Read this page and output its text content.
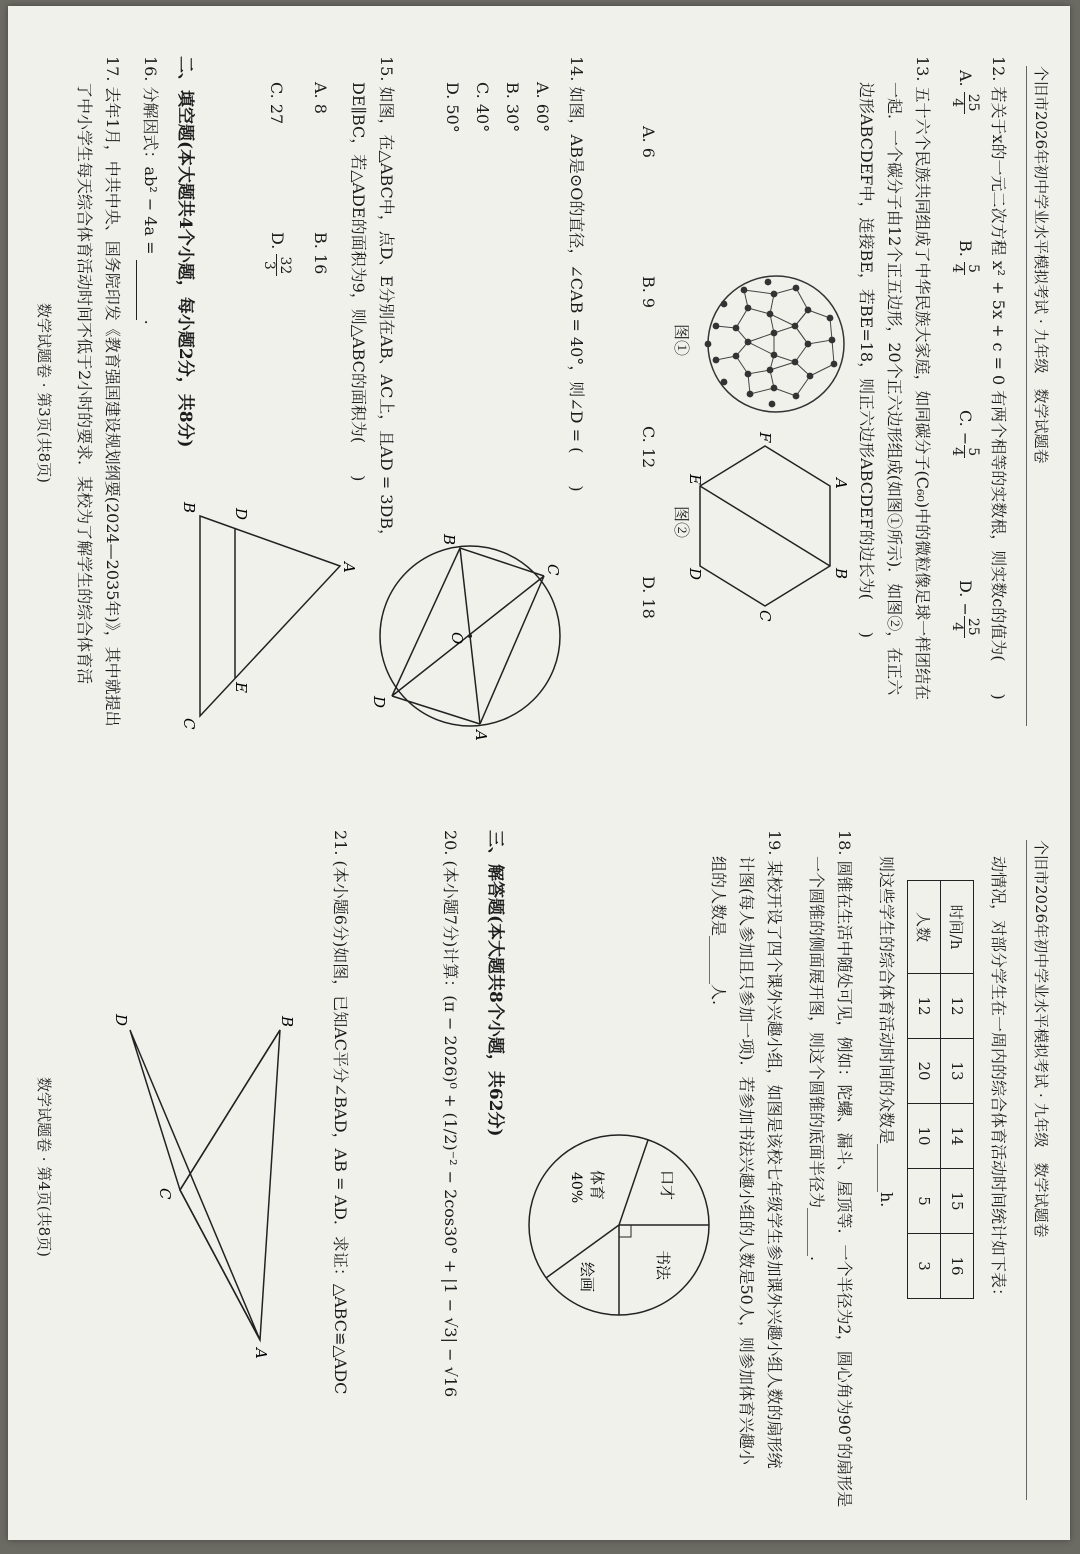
个旧市2026年初中学业水平模拟考试 · 九年级　数学试题卷
12. 若关于x的一元二次方程 x² + 5x + c = 0 有两个相等的实数根，则实数c的值为(　　)
A.
25
4
B.
5
4
C. −
5
4
D. −
25
4
13. 五十六个民族共同组成了中华民族大家庭，如同碳分子(C₆₀)中的微粒像足球一样团结在
一起．一个碳分子由12个正五边形，20个正六边形组成(如图①所示)．如图②，在正六
边形ABCDEF中，连接BE，若BE=18，则正六边形ABCDEF的边长为(　　)
图①
A
B
C
D
E
F
图②
A. 6
B. 9
C. 12
D. 18
14. 如图，AB是⊙O的直径，∠CAB = 40°，则∠D = (　　)
A. 60°
B. 30°
C. 40°
D. 50°
C
B
O
D
A
15. 如图，在△ABC中，点D、E分别在AB、AC上，且AD = 3DB，
DE∥BC，若△ADE的面积为9，则△ABC的面积为(　　)
A. 8
B. 16
C. 27
D.
32
3
A
D
E
B
C
二、填空题(本大题共4个小题，每小题2分，共8分)
16. 分解因式：ab² − 4a = .
17. 去年1月，中共中央、国务院印发《教育强国建设规划纲要(2024—2035年)》，其中就提出
了中小学生每天综合体育活动时间不低于2小时的要求．某校为了解学生的综合体育活
数学试题卷 · 第3页(共8页)
个旧市2026年初中学业水平模拟考试 · 九年级　数学试题卷
动情况，对部分学生在一周内的综合体育活动时间统计如下表：
时间/h	12	13	14	15	16
人数	12	20	10	5	3
则这些学生的综合体育活动时间的众数是______h.
18. 圆锥在生活中随处可见，例如：陀螺、漏斗、屋顶等．一个半径为2，圆心角为90°的扇形是
一个圆锥的侧面展开图，则这个圆锥的底面半径为______.
19. 某校开设了四个课外兴趣小组，如图是该校七年级学生参加课外兴趣小组人数的扇形统
计图(每人参加且只参加一项)．若参加书法兴趣小组的人数是50人，则参加体育兴趣小
组的人数是______人.
口才
书法
绘画
体育
40%
三、解答题(本大题共8个小题，共62分)
20. (本小题7分)计算：(π − 2026)⁰ + (1/2)⁻² − 2cos30° + |1 − √3| − √16
21. (本小题6分)如图，已知AC平分∠BAD，AB = AD．求证：△ABC≌△ADC
B
A
C
D
数学试题卷 · 第4页(共8页)
